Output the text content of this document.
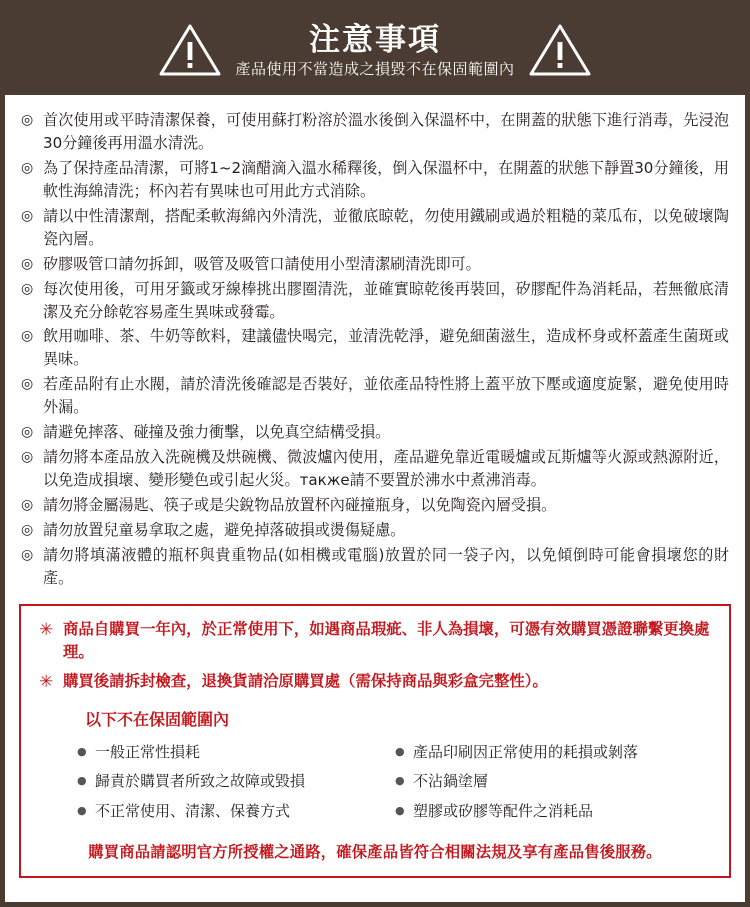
注意事項
產品使用不當造成之損毀不在保固範圍內
◎ 首次使用或平時清潔保養，可使用蘇打粉溶於溫水後倒入保溫杯中，在開蓋的狀態下進行消毒，先浸泡30分鐘後再用溫水清洗。
◎ 為了保持產品清潔，可將1~2滴醋滴入溫水稀釋後，倒入保溫杯中，在開蓋的狀態下靜置30分鐘後，用軟性海綿清洗；杯內若有異味也可用此方式消除。
◎ 請以中性清潔劑，搭配柔軟海綿內外清洗，並徹底晾乾，勿使用鐵刷或過於粗糙的菜瓜布，以免破壞陶瓷內層。
◎ 矽膠吸管口請勿拆卸，吸管及吸管口請使用小型清潔刷清洗即可。
◎ 每次使用後，可用牙籤或牙線棒挑出膠圈清洗，並確實晾乾後再裝回，矽膠配件為消耗品，若無徹底清潔及充分餘乾容易產生異味或發霉。
◎ 飲用咖啡、茶、牛奶等飲料，建議儘快喝完，並清洗乾淨，避免細菌滋生，造成杯身或杯蓋產生菌斑或異味。
◎ 若產品附有止水閥，請於清洗後確認是否裝好，並依產品特性將上蓋平放下壓或適度旋緊，避免使用時外漏。
◎ 請避免摔落、碰撞及強力衝擊，以免真空結構受損。
◎ 請勿將本產品放入洗碗機及烘碗機、微波爐內使用，產品避免靠近電暖爐或瓦斯爐等火源或熱源附近，以免造成損壞、變形變色或引起火災。также請不要置於沸水中煮沸消毒。
◎ 請勿將金屬湯匙、筷子或是尖銳物品放置杯內碰撞瓶身，以免陶瓷內層受損。
◎ 請勿放置兒童易拿取之處，避免掉落破損或燙傷疑慮。
◎ 請勿將填滿液體的瓶杯與貴重物品(如相機或電腦)放置於同一袋子內，以免傾倒時可能會損壞您的財產。
✳ 商品自購買一年內，於正常使用下，如遇商品瑕疵、非人為損壞，可憑有效購買憑證聯繫更換處理。
✳ 購買後請拆封檢查，退換貨請洽原購買處（需保持商品與彩盒完整性）。
以下不在保固範圍內
● 一般正常性損耗
● 歸責於購買者所致之故障或毀損
● 不正常使用、清潔、保養方式
● 產品印刷因正常使用的耗損或剝落
● 不沾鍋塗層
● 塑膠或矽膠等配件之消耗品
購買商品請認明官方所授權之通路，確保產品皆符合相關法規及享有產品售後服務。
